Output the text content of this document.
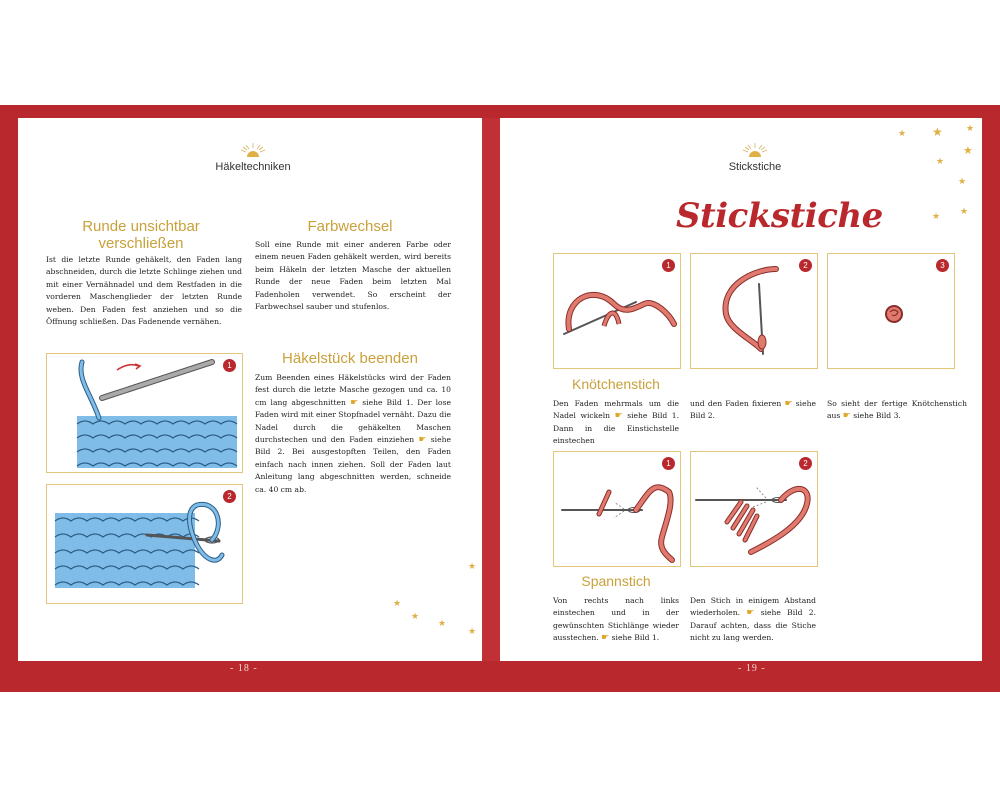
Häkeltechniken
Runde unsichtbar
verschließen
Ist die letzte Runde gehäkelt, den Faden lang abschneiden, durch die letzte Schlinge ziehen und mit einer Vernähnadel und dem Restfaden in die vorderen Maschenglieder der letzten Runde weben. Den Faden fest anziehen und so die Öffnung schließen. Das Fadenende vernähen.
Farbwechsel
Soll eine Runde mit einer anderen Farbe oder einem neuen Faden gehäkelt werden, wird bereits beim Häkeln der letzten Masche der aktuellen Runde der neue Faden beim letzten Mal Fadenholen verwendet. So erscheint der Farbwechsel sauber und stufenlos.
Häkelstück beenden
Zum Beenden eines Häkelstücks wird der Faden fest durch die letzte Masche gezogen und ca. 10 cm lang abgeschnitten ☛ siehe Bild 1. Der lose Faden wird mit einer Stopfnadel vernäht. Dazu die Nadel durch die gehäkelten Maschen durchstechen und den Faden einziehen ☛ siehe Bild 2. Bei ausgestopften Teilen, den Faden einfach nach innen ziehen. Soll der Faden laut Anleitung lang abgeschnitten werden, schneide ca. 40 cm ab.
1
2
★
★
★
★
★
- 18 -
Stickstiche
Stickstiche
1	2	3
Knötchenstich
Den Faden mehrmals um die Nadel wickeln ☛ siehe Bild 1. Dann in die Einstichstelle einstechen
und den Faden fixieren ☛ siehe Bild 2.
So sieht der fertige Knötchenstich aus ☛ siehe Bild 3.
1	2
Spannstich
Von rechts nach links einstechen und in der gewünschten Stichlänge wieder ausstechen. ☛ siehe Bild 1.
Den Stich in einigem Abstand wiederholen. ☛ siehe Bild 2. Darauf achten, dass die Stiche nicht zu lang werden.
★ ★	★
★
★
★
★
★
- 19 -
